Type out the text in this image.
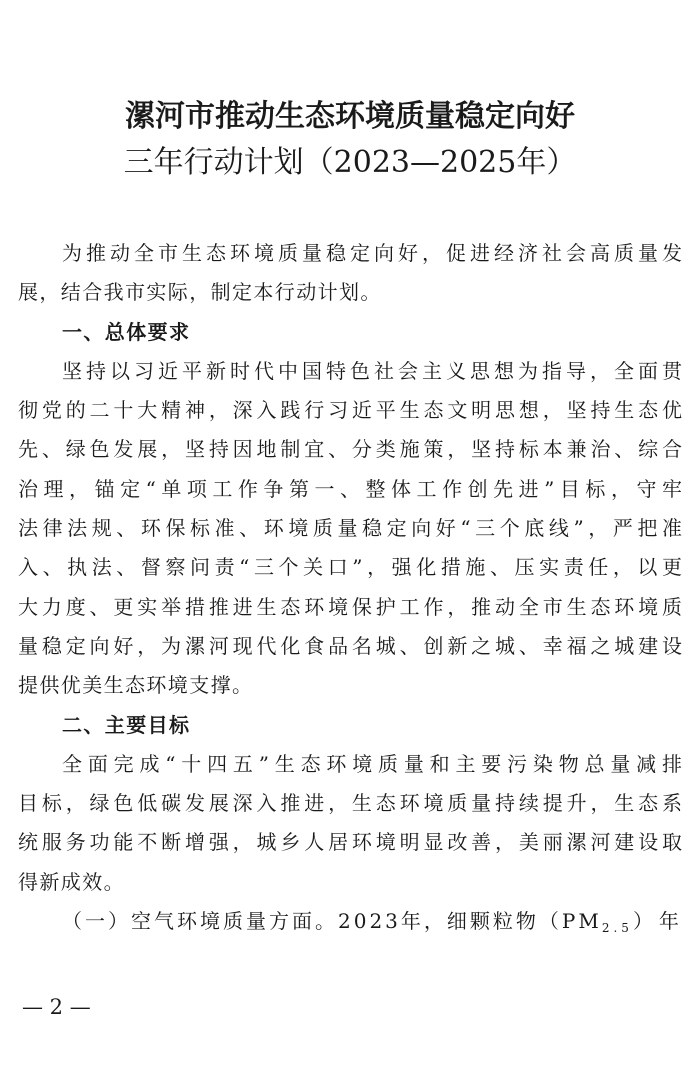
漯河市推动生态环境质量稳定向好
三年行动计划（2023—2025年）
为推动全市生态环境质量稳定向好，促进经济社会高质量发
展，结合我市实际，制定本行动计划。
一、总体要求
坚持以习近平新时代中国特色社会主义思想为指导，全面贯
彻党的二十大精神，深入践行习近平生态文明思想，坚持生态优
先、绿色发展，坚持因地制宜、分类施策，坚持标本兼治、综合
治理，锚定“单项工作争第一、整体工作创先进”目标，守牢
法律法规、环保标准、环境质量稳定向好“三个底线”，严把准
入、执法、督察问责“三个关口”，强化措施、压实责任，以更
大力度、更实举措推进生态环境保护工作，推动全市生态环境质
量稳定向好，为漯河现代化食品名城、创新之城、幸福之城建设
提供优美生态环境支撑。
二、主要目标
全面完成“十四五”生态环境质量和主要污染物总量减排
目标，绿色低碳发展深入推进，生态环境质量持续提升，生态系
统服务功能不断增强，城乡人居环境明显改善，美丽漯河建设取
得新成效。
（一）空气环境质量方面。2023年，细颗粒物（$PM_{2.5}$ ）年
— 2 —
